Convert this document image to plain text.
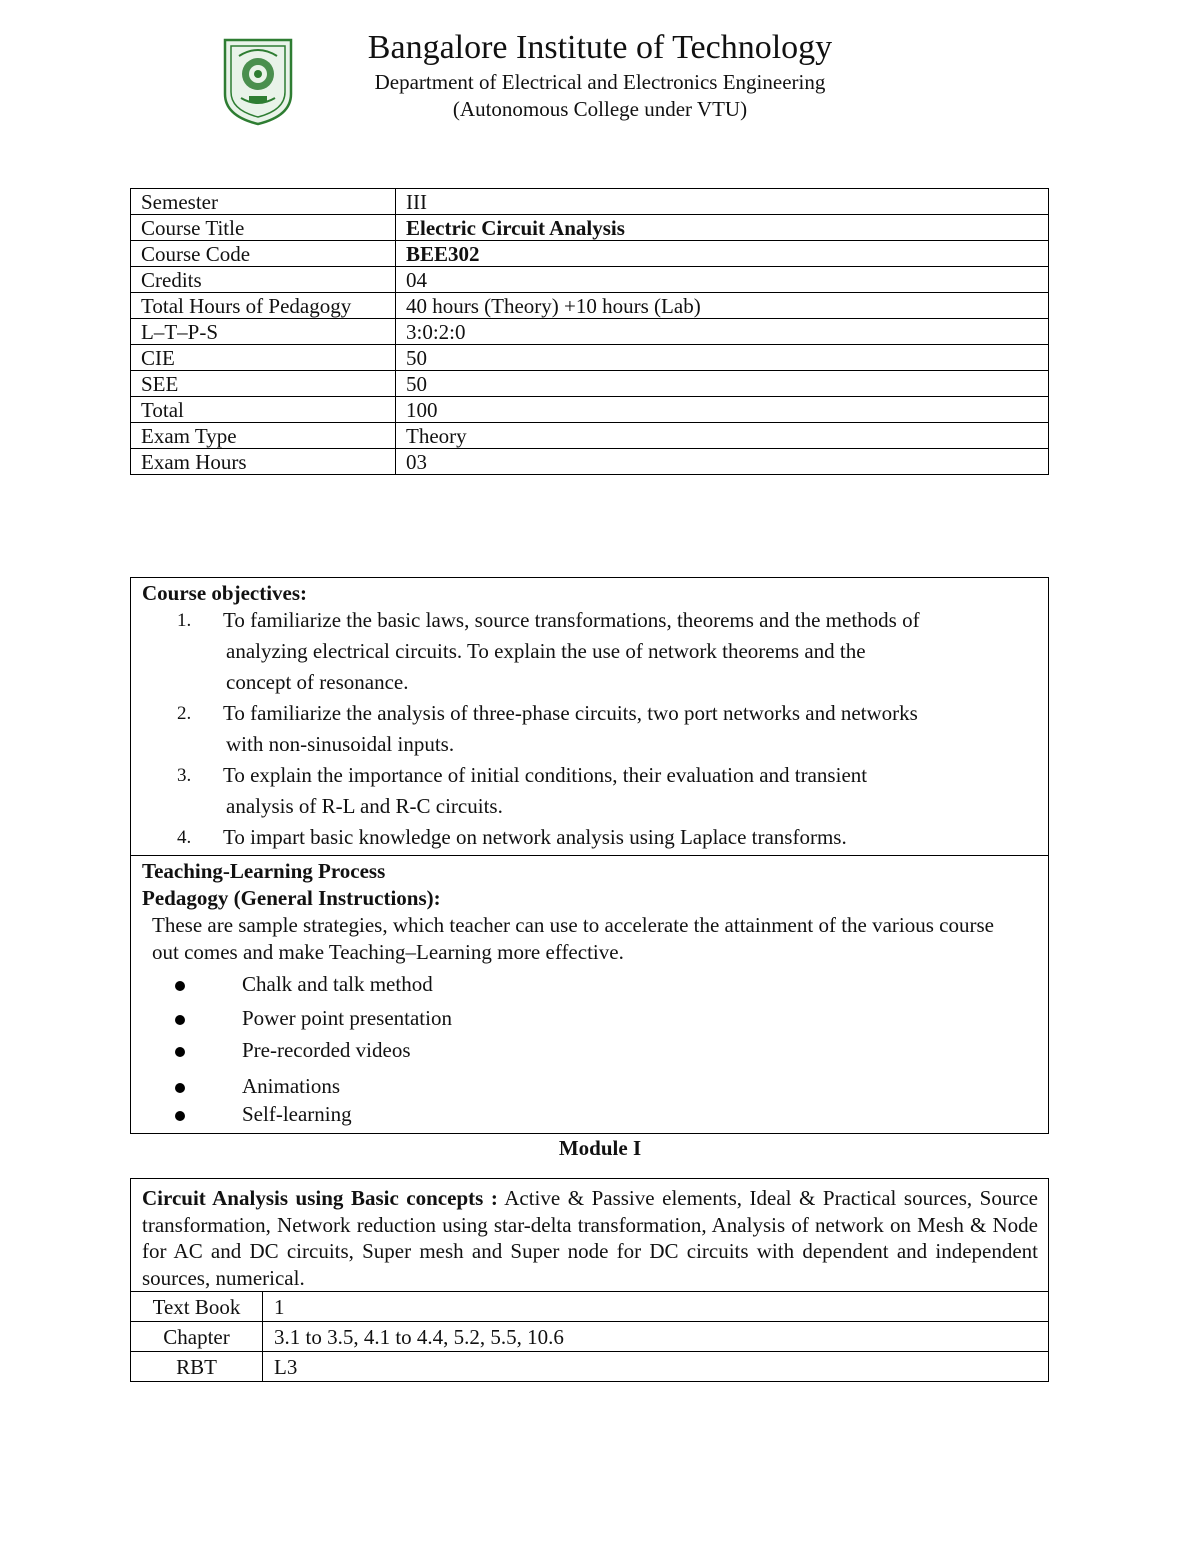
Bangalore Institute of Technology
Department of Electrical and Electronics Engineering
(Autonomous College under VTU)
Semester	III
Course Title	Electric Circuit Analysis
Course Code	BEE302
Credits	04
Total Hours of Pedagogy	40 hours (Theory) +10 hours (Lab)
L–T–P-S	3:0:2:0
CIE	50
SEE	50
Total	100
Exam Type	Theory
Exam Hours	03
Course objectives:
1. To familiarize the basic laws, source transformations, theorems and the methods of
analyzing electrical circuits. To explain the use of network theorems and the
concept of resonance.
2. To familiarize the analysis of three-phase circuits, two port networks and networks
with non-sinusoidal inputs.
3. To explain the importance of initial conditions, their evaluation and transient
analysis of R-L and R-C circuits.
4. To impart basic knowledge on network analysis using Laplace transforms.
Teaching-Learning Process
Pedagogy (General Instructions):
These are sample strategies, which teacher can use to accelerate the attainment of the various course out comes and make Teaching–Learning more effective.
Chalk and talk method
Power point presentation
Pre-recorded videos
Animations
Self-learning
Module I
Circuit Analysis using Basic concepts : Active & Passive elements, Ideal & Practical sources, Source transformation, Network reduction using star-delta transformation, Analysis of network on Mesh & Node for AC and DC circuits, Super mesh and Super node for DC circuits with dependent and independent sources, numerical.
Text Book	1
Chapter	3.1 to 3.5, 4.1 to 4.4, 5.2, 5.5, 10.6
RBT	L3
